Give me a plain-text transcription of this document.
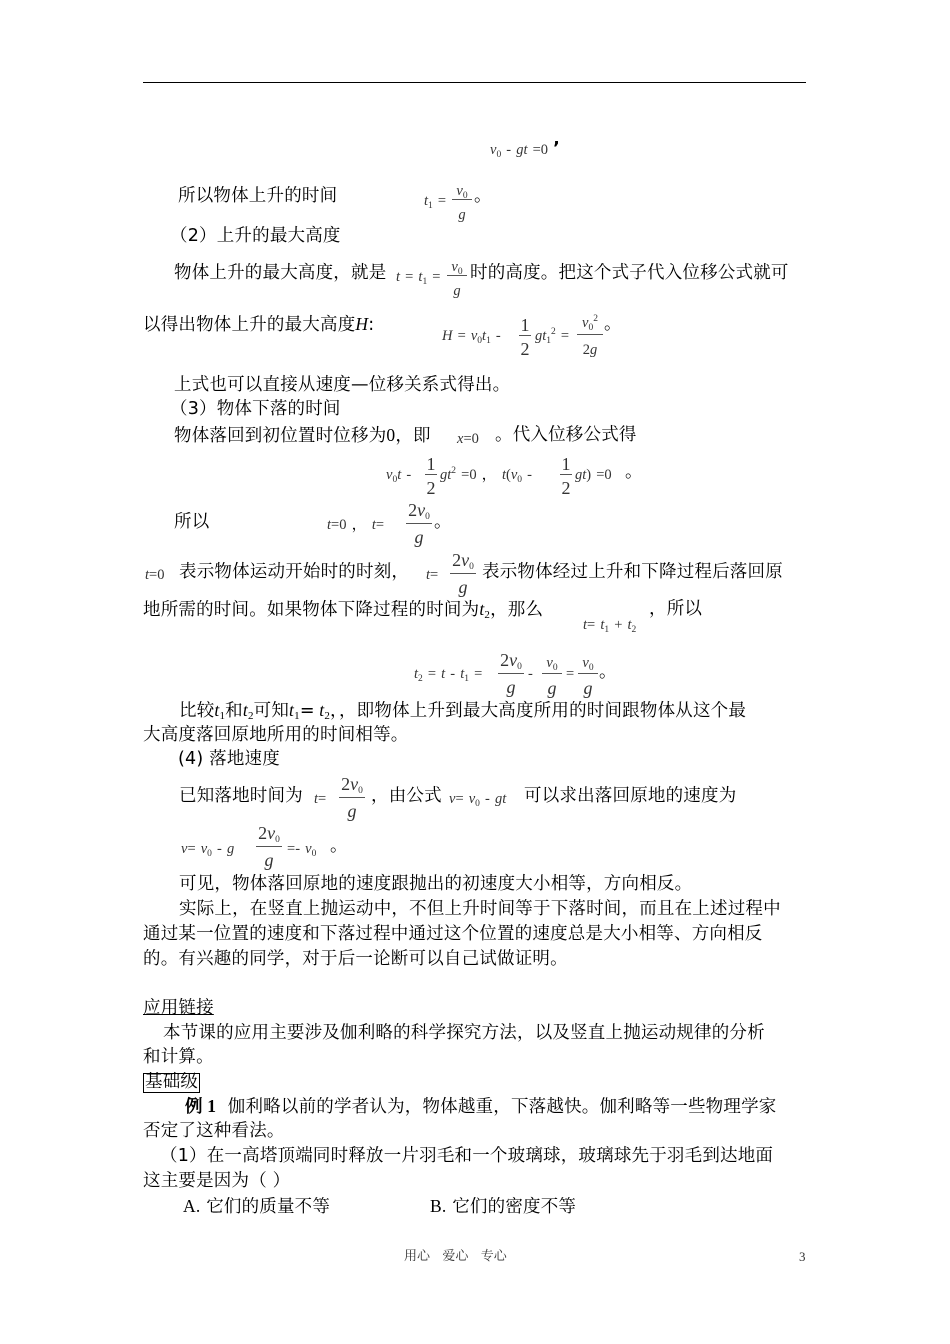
$v_0$ - gt =0 ’
所以物体上升的时间	$t_1$ =
$v_0$
g
。
（2）上升的最大高度
物体上升的最大高度，就是 $t = t_1$ =
$v_0$
g
时的高度。把这个式子代入位移公式就可
以得出物体上升的最大高度H:
$H = v_0t_1$ -
1
2
$gt_1^2$ =
$v_0^2$
2g
。
上式也可以直接从速度—位移关系式得出。
（3）物体下落的时间
物体落回到初位置时位移为0，即 x=0 。代入位移公式得
$v_0t$ -
1
2
$gt^2 =0$ ， $t(v_0$ -
1
2
gt) =0 。
所以	t=0 ， t=
$2v_0$
g
。
t=0 表示物体运动开始时的时刻， t=
$2v_0$
g
表示物体经过上升和下降过程后落回原
地所需的时间。如果物体下降过程的时间为t2，那么
$t= t_1 + t_2$
，所以
$t_2 = t - t_1$ =
$2v_0$
g
-
$v_0$
g
=
$v_0$
g
。
比较t1和t2可知t1= t2，，即物体上升到最大高度所用的时间跟物体从这个最
大高度落回原地所用的时间相等。
(4) 落地速度
已知落地时间为 t=
$2v_0$
g
，由公式 $v= v_0$ - gt 可以求出落回原地的速度为
$v= v_0 - g$
$2v_0$
g
=- $v_0$ 。
可见，物体落回原地的速度跟抛出的初速度大小相等，方向相反。
实际上，在竖直上抛运动中，不但上升时间等于下落时间，而且在上述过程中
通过某一位置的速度和下落过程中通过这个位置的速度总是大小相等、方向相反
的。有兴趣的同学，对于后一论断可以自己试做证明。
应用链接
本节课的应用主要涉及伽利略的科学探究方法，以及竖直上抛运动规律的分析
和计算。
基础级
例 1 伽利略以前的学者认为，物体越重，下落越快。伽利略等一些物理学家
否定了这种看法。
（1）在一高塔顶端同时释放一片羽毛和一个玻璃球，玻璃球先于羽毛到达地面
这主要是因为（ ）
A. 它们的质量不等	B. 它们的密度不等
用心   爱心   专心	3
